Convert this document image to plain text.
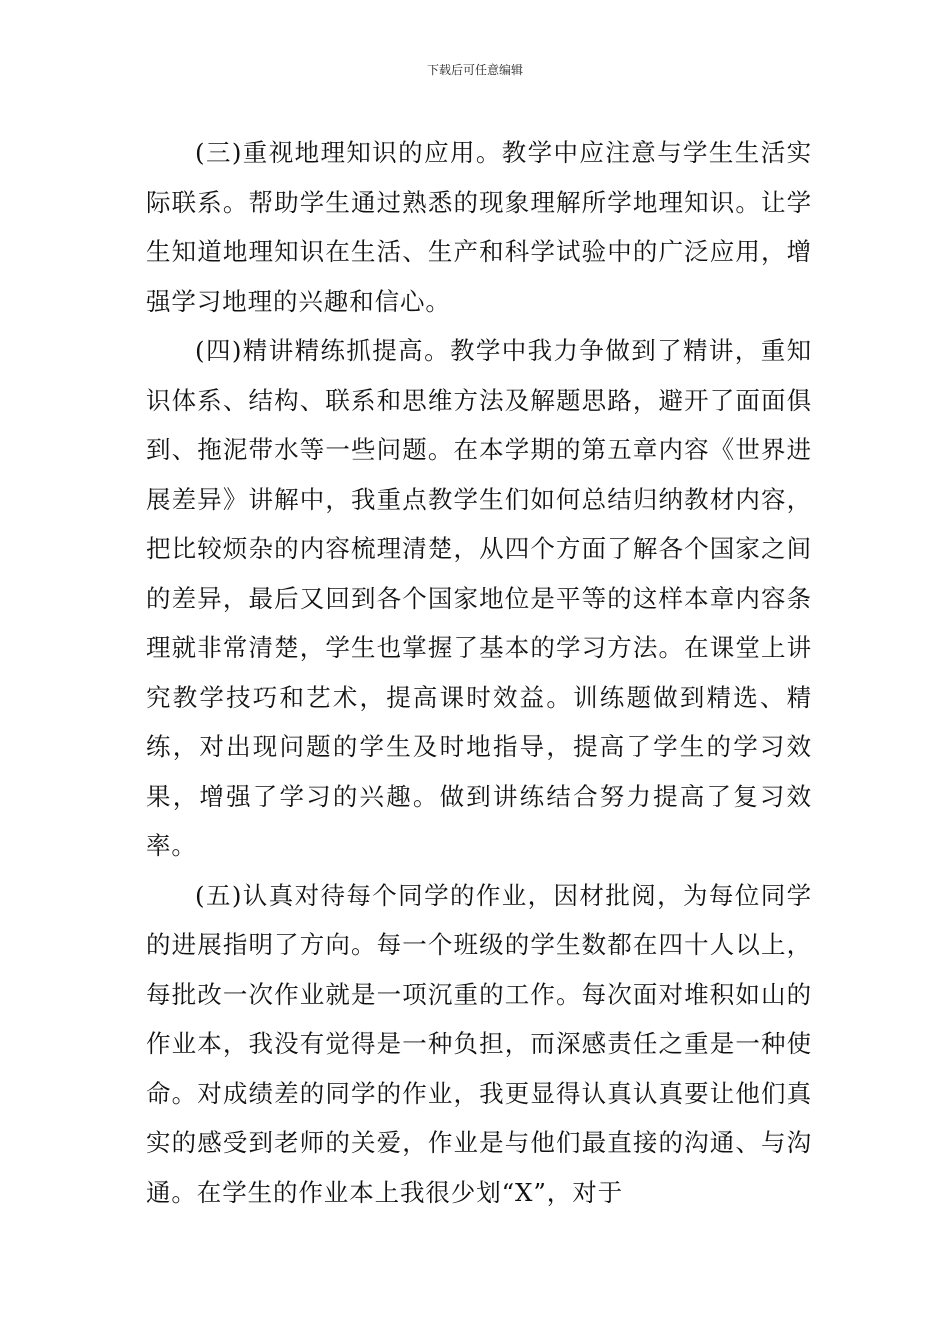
下载后可任意编辑

(三)重视地理知识的应用。教学中应注意与学生生活实际联系。帮助学生通过熟悉的现象理解所学地理知识。让学生知道地理知识在生活、生产和科学试验中的广泛应用，增强学习地理的兴趣和信心。

(四)精讲精练抓提高。教学中我力争做到了精讲，重知识体系、结构、联系和思维方法及解题思路，避开了面面俱到、拖泥带水等一些问题。在本学期的第五章内容《世界进展差异》讲解中，我重点教学生们如何总结归纳教材内容，把比较烦杂的内容梳理清楚，从四个方面了解各个国家之间的差异，最后又回到各个国家地位是平等的这样本章内容条理就非常清楚，学生也掌握了基本的学习方法。在课堂上讲究教学技巧和艺术，提高课时效益。训练题做到精选、精练，对出现问题的学生及时地指导，提高了学生的学习效果，增强了学习的兴趣。做到讲练结合努力提高了复习效率。

(五)认真对待每个同学的作业，因材批阅，为每位同学的进展指明了方向。每一个班级的学生数都在四十人以上，每批改一次作业就是一项沉重的工作。每次面对堆积如山的作业本，我没有觉得是一种负担，而深感责任之重是一种使命。对成绩差的同学的作业，我更显得认真认真要让他们真实的感受到老师的关爱，作业是与他们最直接的沟通、与沟通。在学生的作业本上我很少划“X”，对于
